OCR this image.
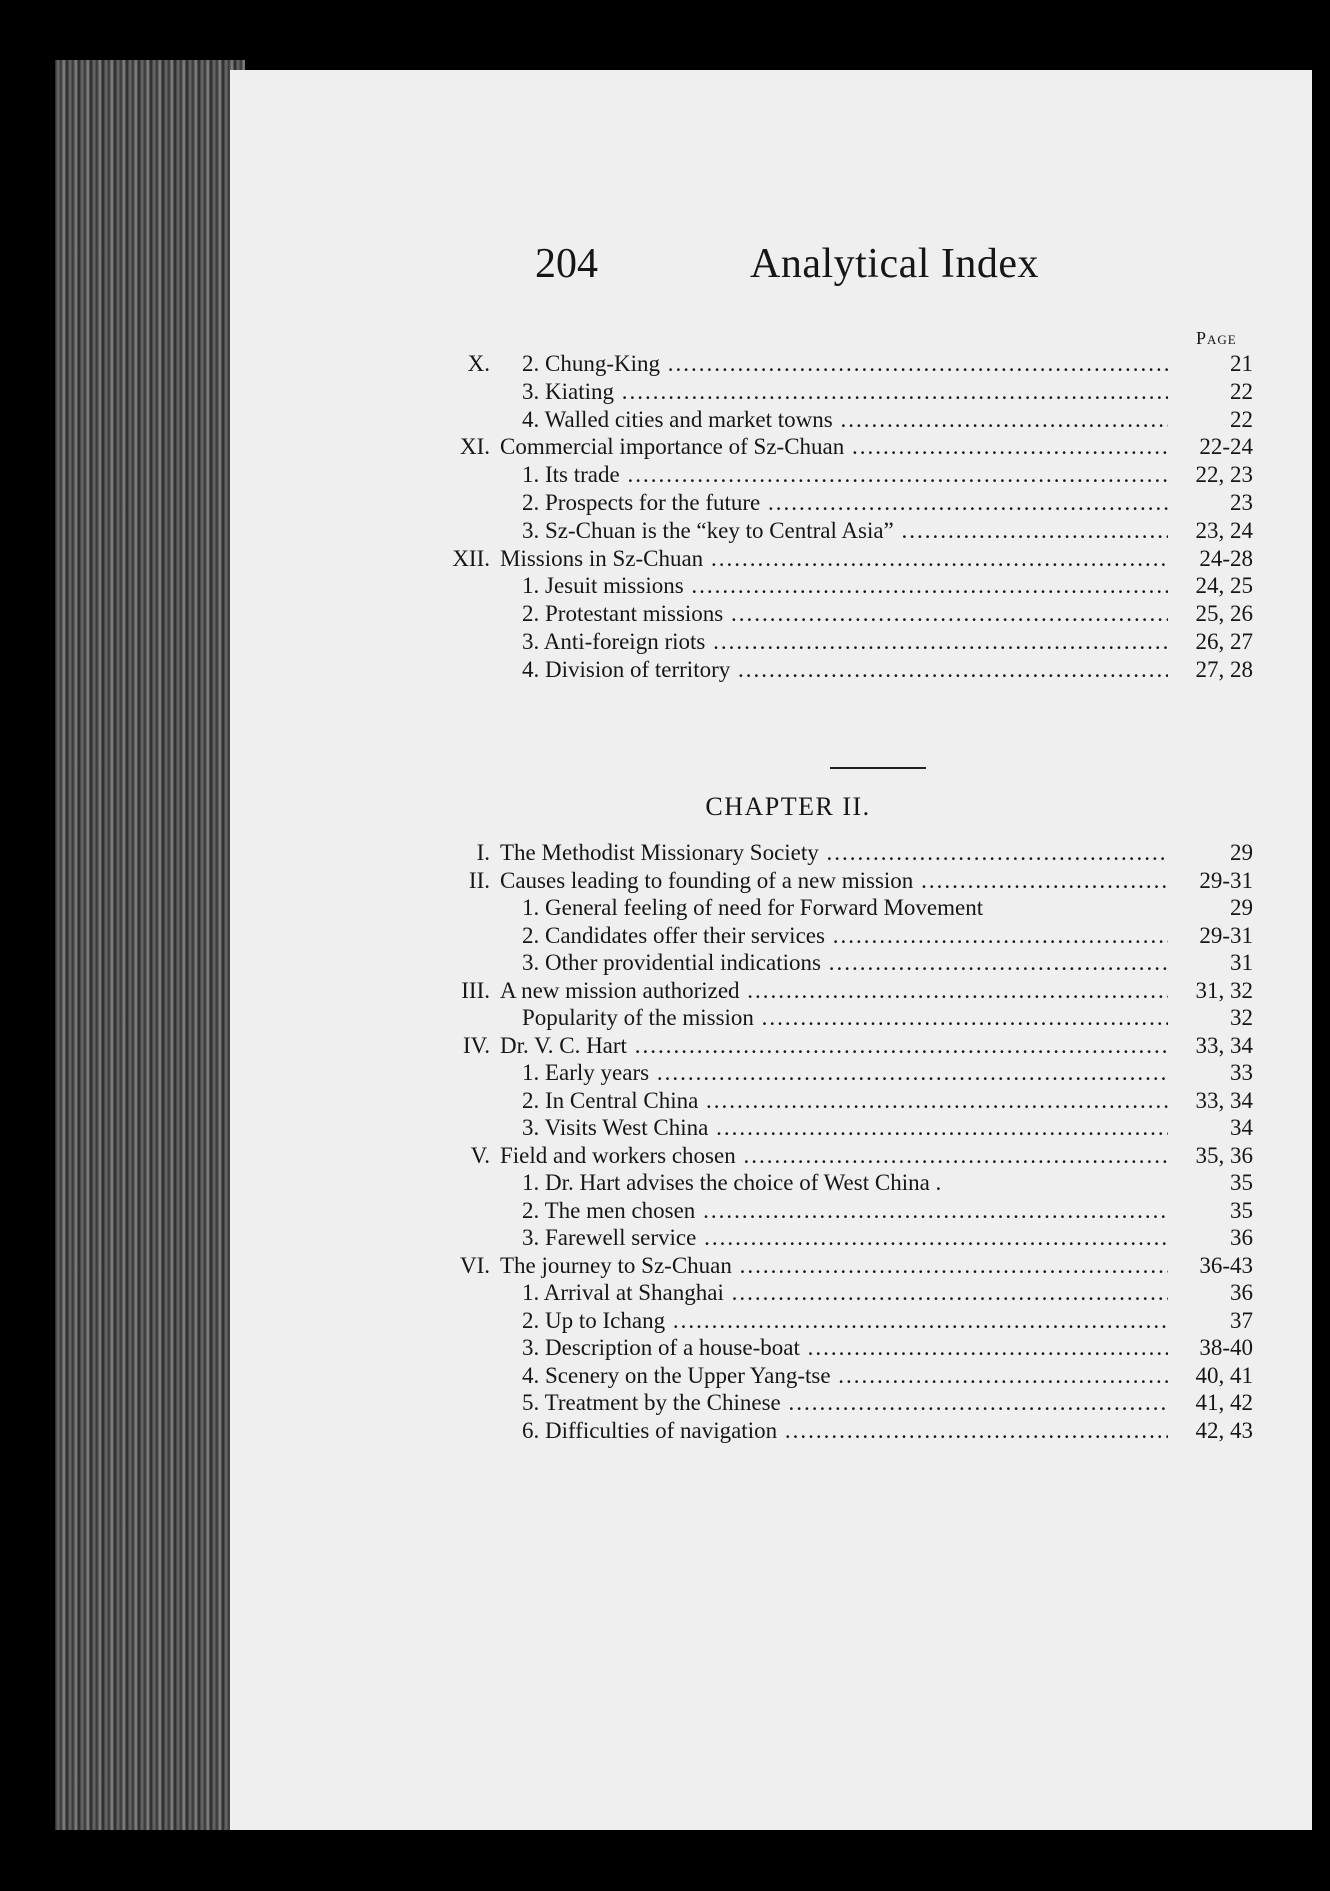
204	Analytical Index
Page
X. 2. Chung-King .....	21
3. Kiating .....	22
4. Walled cities and market towns .....	22
XI. Commercial importance of Sz-Chuan .....	22-24
1. Its trade .....	22, 23
2. Prospects for the future .....	23
3. Sz-Chuan is the “key to Central Asia” .....	23, 24
XII. Missions in Sz-Chuan .....	24-28
1. Jesuit missions .....	24, 25
2. Protestant missions .....	25, 26
3. Anti-foreign riots .....	26, 27
4. Division of territory .....	27, 28
CHAPTER II.
I. The Methodist Missionary Society .....	29
II. Causes leading to founding of a new mission .....	29-31
1. General feeling of need for Forward Movement	29
2. Candidates offer their services .....	29-31
3. Other providential indications .....	31
III. A new mission authorized .....	31, 32
Popularity of the mission .....	32
IV. Dr. V. C. Hart .....	33, 34
1. Early years .....	33
2. In Central China .....	33, 34
3. Visits West China .....	34
V. Field and workers chosen .....	35, 36
1. Dr. Hart advises the choice of West China .	35
2. The men chosen .....	35
3. Farewell service .....	36
VI. The journey to Sz-Chuan .....	36-43
1. Arrival at Shanghai .....	36
2. Up to Ichang .....	37
3. Description of a house-boat .....	38-40
4. Scenery on the Upper Yang-tse .....	40, 41
5. Treatment by the Chinese .....	41, 42
6. Difficulties of navigation .....	42, 43
